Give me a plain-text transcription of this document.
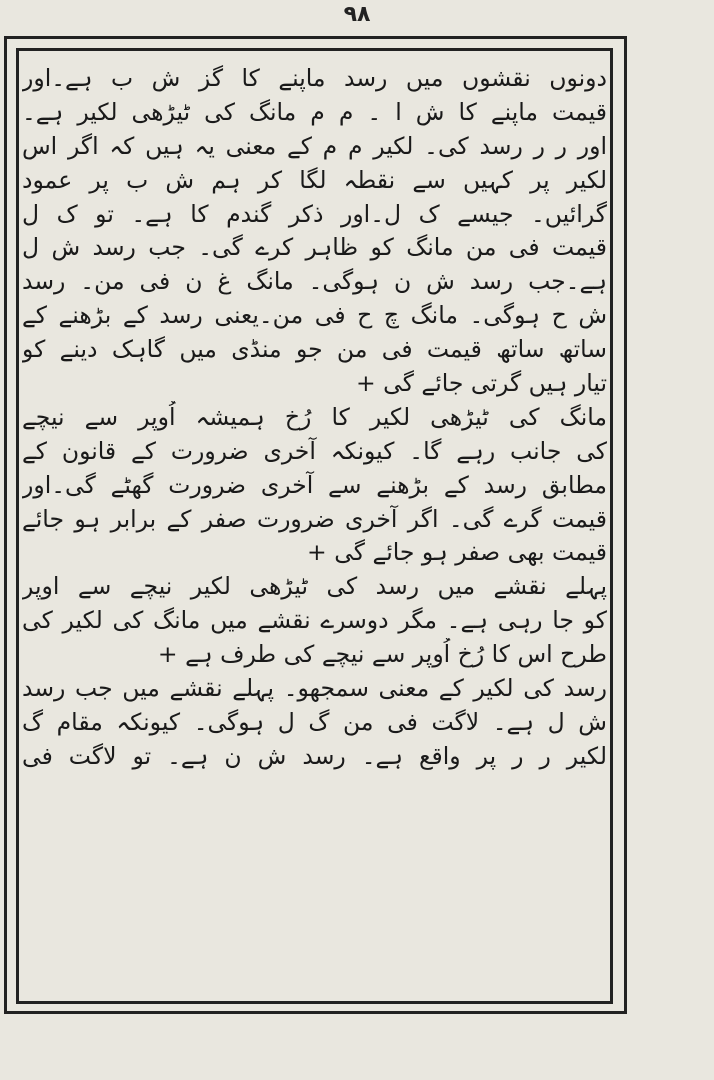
۹۸
دونوں نقشوں میں رسد ماپنے کا گز ش ب ہے۔اور
قیمت ماپنے کا ش ا ۔ م م مانگ کی ٹیڑھی لکیر ہے۔
اور ر ر رسد کی۔ لکیر م م کے معنی یہ ہیں کہ اگر اس
لکیر پر کہیں سے نقطہ لگا کر ہم ش ب پر عمود
گرائیں۔ جیسے ک ل۔اور ذکر گندم کا ہے۔ تو ک ل
قیمت فی من مانگ کو ظاہر کرے گی۔ جب رسد ش ل
ہے۔جب رسد ش ن ہوگی۔ مانگ غ ن فی من۔ رسد
ش ح ہوگی۔ مانگ چ ح فی من۔یعنی رسد کے بڑھنے کے
ساتھ ساتھ قیمت فی من جو منڈی میں گاہک دینے کو
تیار ہیں گرتی جائے گی +
مانگ کی ٹیڑھی لکیر کا رُخ ہمیشہ اُوپر سے نیچے
کی جانب رہے گا۔ کیونکہ آخری ضرورت کے قانون کے
مطابق رسد کے بڑھنے سے آخری ضرورت گھٹے گی۔اور
قیمت گرے گی۔ اگر آخری ضرورت صفر کے برابر ہو جائے
قیمت بھی صفر ہو جائے گی +
پہلے نقشے میں رسد کی ٹیڑھی لکیر نیچے سے اوپر
کو جا رہی ہے۔ مگر دوسرے نقشے میں مانگ کی لکیر کی
طرح اس کا رُخ اُوپر سے نیچے کی طرف ہے +
رسد کی لکیر کے معنی سمجھو۔ پہلے نقشے میں جب رسد
ش ل ہے۔ لاگت فی من گ ل ہوگی۔ کیونکہ مقام گ
لکیر ر ر پر واقع ہے۔ رسد ش ن ہے۔ تو لاگت فی
